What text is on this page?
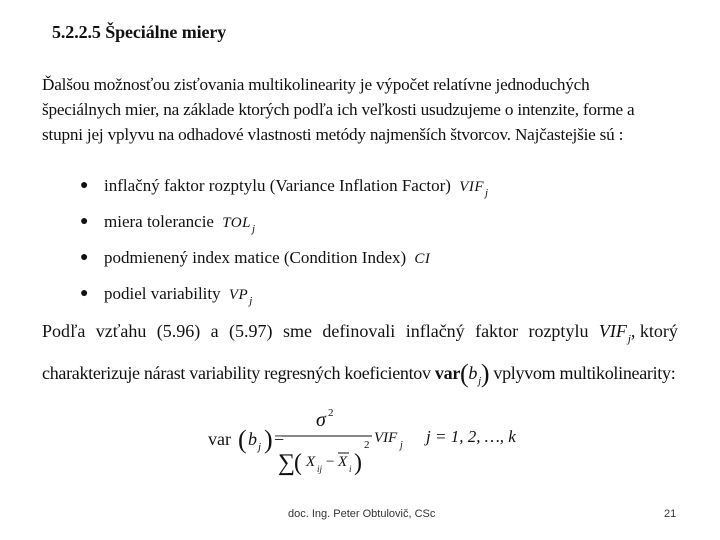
5.2.2.5 Špeciálne miery
Ďalšou možnosťou zisťovania multikolinearity je výpočet relatívne jednoduchých špeciálnych mier, na základe ktorých podľa ich veľkosti usudzujeme o intenzite, forme a stupni jej vplyvu na odhadové vlastnosti metódy najmenších štvorcov. Najčastejšie sú :
● inflačný faktor rozptylu (Variance Inflation Factor) $VIF_j$
● miera tolerancie $TOL_j$
● podmienený index matice (Condition Index) CI
● podiel variability $VP_j$
Podľa vzťahu (5.96) a (5.97) sme definovali inflačný faktor rozptylu $VIF_j$, ktorý
charakterizuje nárast variability regresných koeficientov $var(b_j)$ vplyvom multikolinearity:
var ( b j ) =
σ 2
∑
( X ij − X i )
2 VIF j j = 1, 2, …, k
doc. Ing. Peter Obtulovič, CSc	21
